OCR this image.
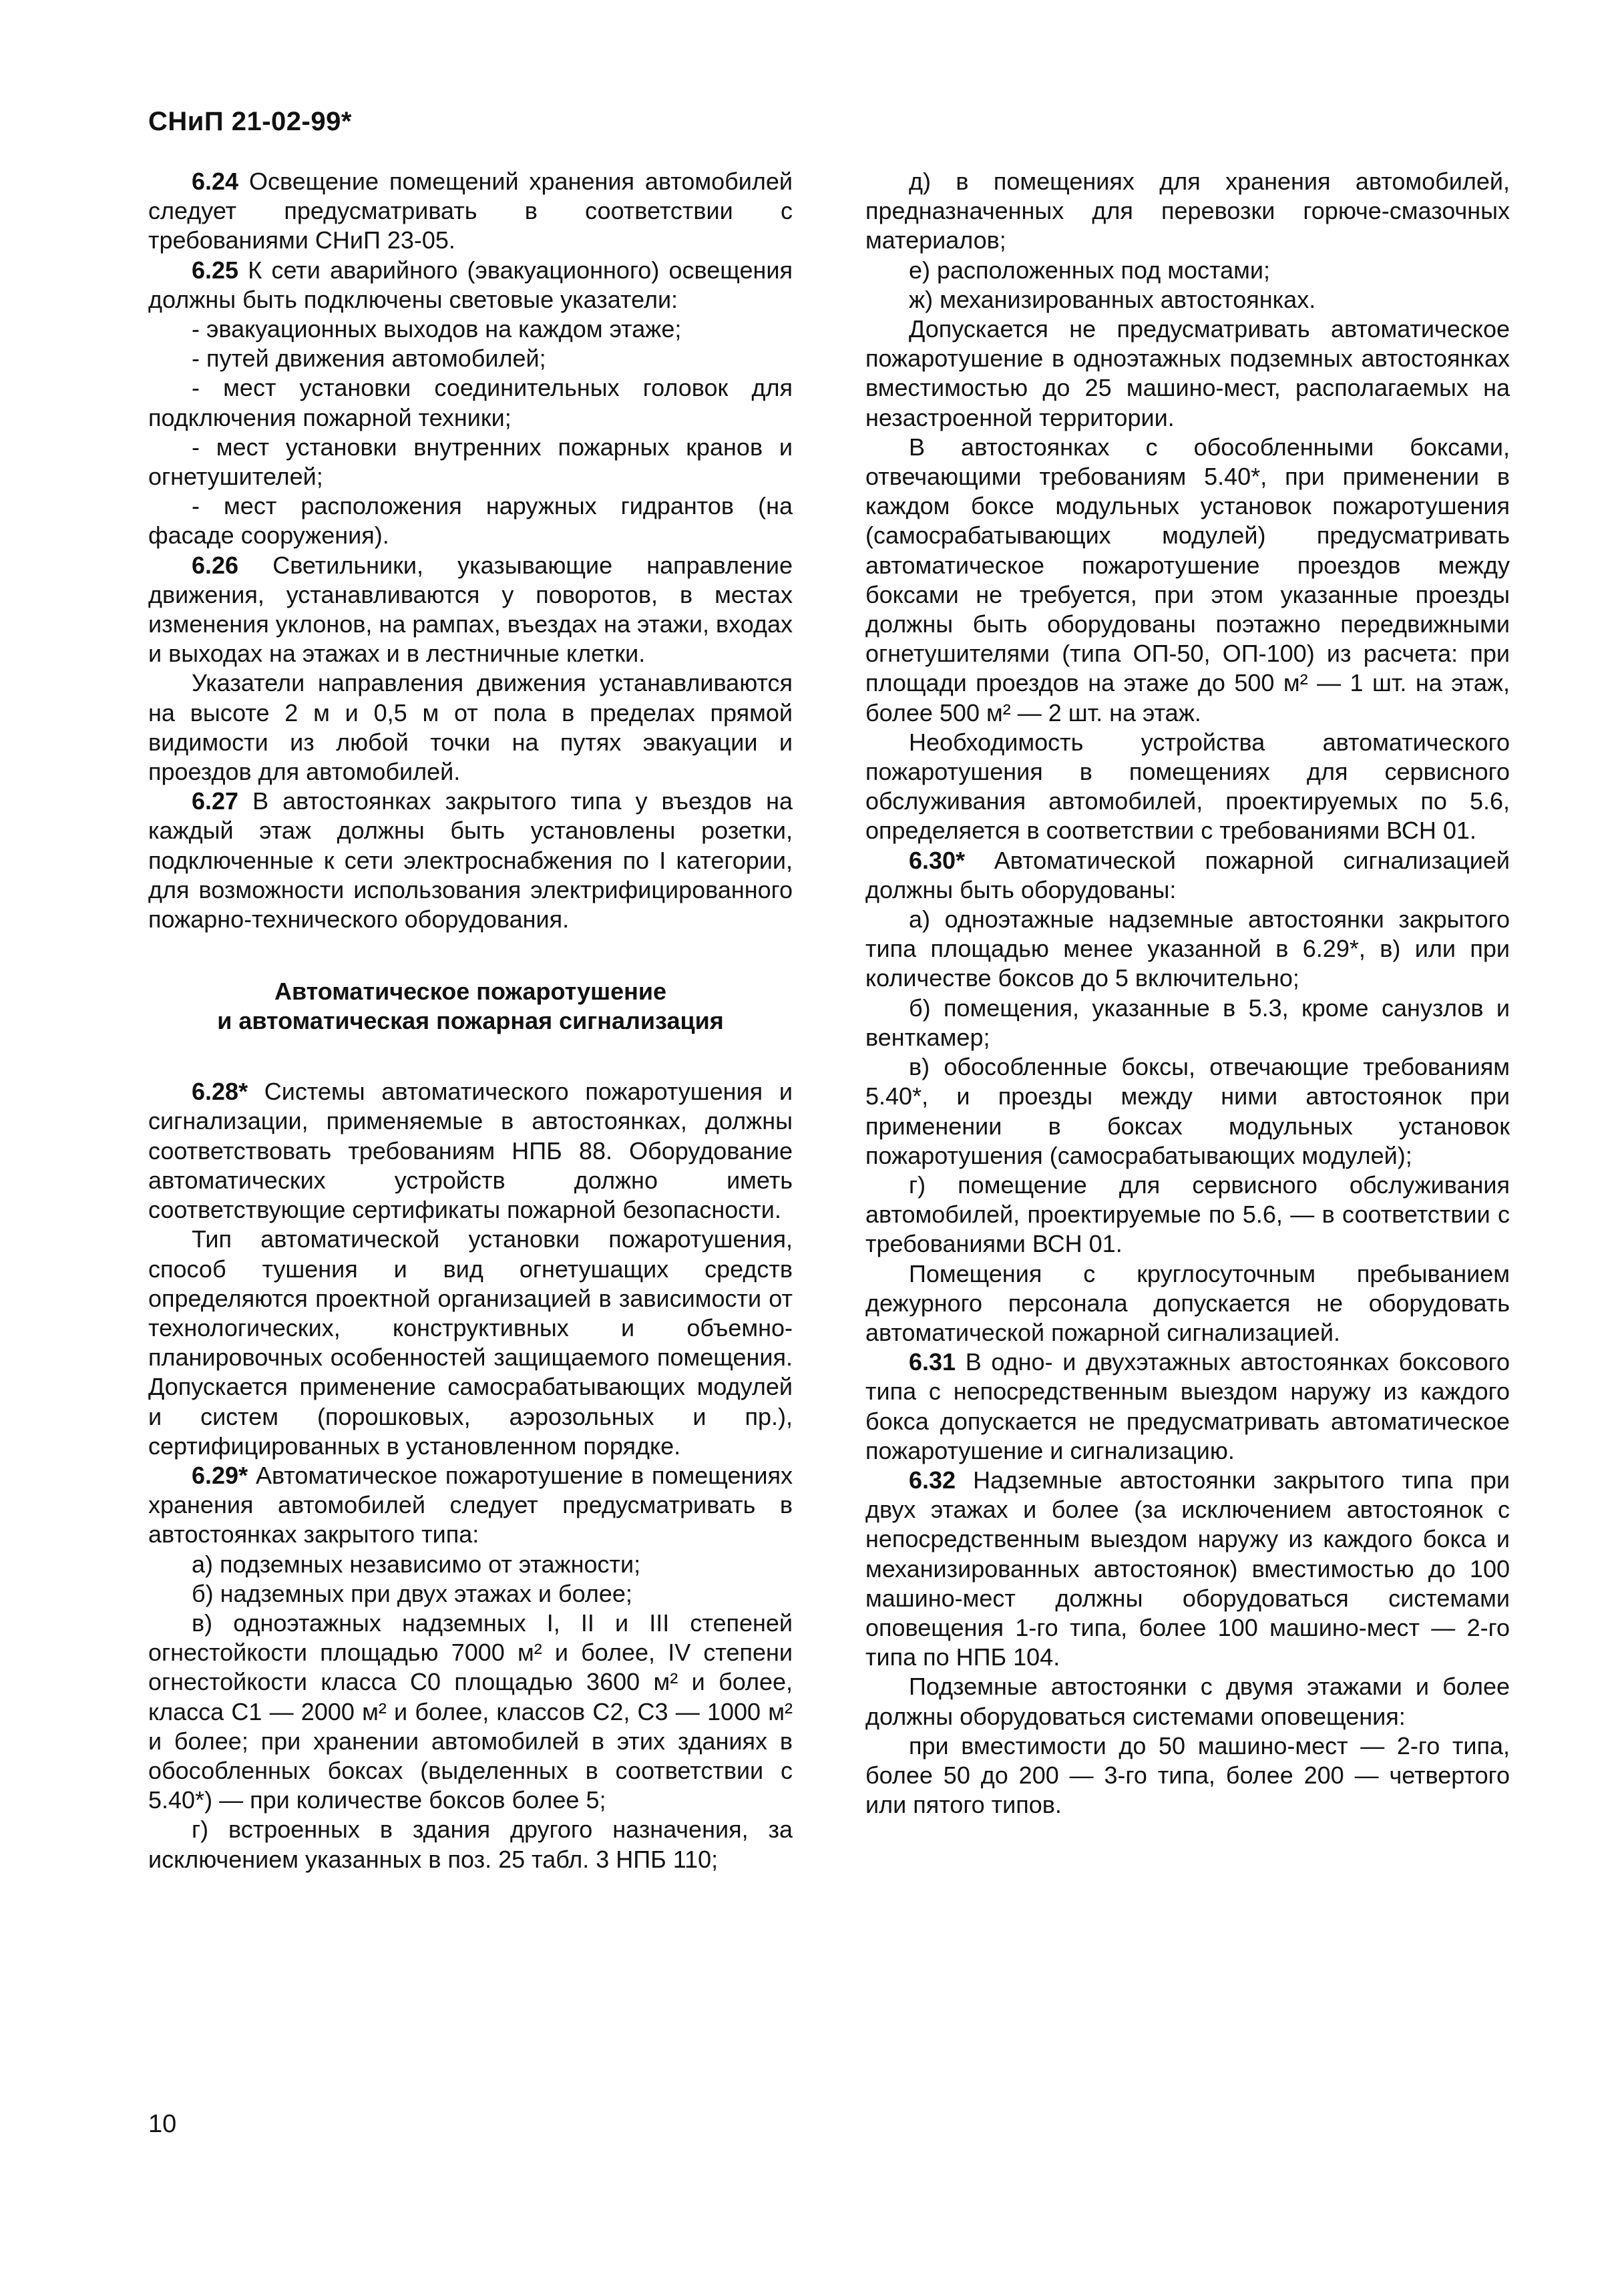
СНиП 21-02-99*

6.24 Освещение помещений хранения автомобилей следует предусматривать в соответствии с требованиями СНиП 23-05.

6.25 К сети аварийного (эвакуационного) освещения должны быть подключены световые указатели:

- эвакуационных выходов на каждом этаже;

- путей движения автомобилей;

- мест установки соединительных головок для подключения пожарной техники;

- мест установки внутренних пожарных кранов и огнетушителей;

- мест расположения наружных гидрантов (на фасаде сооружения).

6.26 Светильники, указывающие направление движения, устанавливаются у поворотов, в местах изменения уклонов, на рампах, въездах на этажи, входах и выходах на этажах и в лестничные клетки.

Указатели направления движения устанавливаются на высоте 2 м и 0,5 м от пола в пределах прямой видимости из любой точки на путях эвакуации и проездов для автомобилей.

6.27 В автостоянках закрытого типа у въездов на каждый этаж должны быть установлены розетки, подключенные к сети электроснабжения по I категории, для возможности использования электрифицированного пожарно-технического оборудования.

Автоматическое пожаротушение
и автоматическая пожарная сигнализация

6.28* Системы автоматического пожаротушения и сигнализации, применяемые в автостоянках, должны соответствовать требованиям НПБ 88. Оборудование автоматических устройств должно иметь соответствующие сертификаты пожарной безопасности.

Тип автоматической установки пожаротушения, способ тушения и вид огнетушащих средств определяются проектной организацией в зависимости от технологических, конструктивных и объемно-планировочных особенностей защищаемого помещения. Допускается применение самосрабатывающих модулей и систем (порошковых, аэрозольных и пр.), сертифицированных в установленном порядке.

6.29* Автоматическое пожаротушение в помещениях хранения автомобилей следует предусматривать в автостоянках закрытого типа:

а) подземных независимо от этажности;

б) надземных при двух этажах и более;

в) одноэтажных надземных I, II и III степеней огнестойкости площадью 7000 м² и более, IV степени огнестойкости класса С0 площадью 3600 м² и более, класса С1 — 2000 м² и более, классов С2, С3 — 1000 м² и более; при хранении автомобилей в этих зданиях в обособленных боксах (выделенных в соответствии с 5.40*) — при количестве боксов более 5;

г) встроенных в здания другого назначения, за исключением указанных в поз. 25 табл. 3 НПБ 110;

д) в помещениях для хранения автомобилей, предназначенных для перевозки горюче-смазочных материалов;

е) расположенных под мостами;

ж) механизированных автостоянках.

Допускается не предусматривать автоматическое пожаротушение в одноэтажных подземных автостоянках вместимостью до 25 машино-мест, располагаемых на незастроенной территории.

В автостоянках с обособленными боксами, отвечающими требованиям 5.40*, при применении в каждом боксе модульных установок пожаротушения (самосрабатывающих модулей) предусматривать автоматическое пожаротушение проездов между боксами не требуется, при этом указанные проезды должны быть оборудованы поэтажно передвижными огнетушителями (типа ОП-50, ОП-100) из расчета: при площади проездов на этаже до 500 м² — 1 шт. на этаж, более 500 м² — 2 шт. на этаж.

Необходимость устройства автоматического пожаротушения в помещениях для сервисного обслуживания автомобилей, проектируемых по 5.6, определяется в соответствии с требованиями ВСН 01.

6.30* Автоматической пожарной сигнализацией должны быть оборудованы:

а) одноэтажные надземные автостоянки закрытого типа площадью менее указанной в 6.29*, в) или при количестве боксов до 5 включительно;

б) помещения, указанные в 5.3, кроме санузлов и венткамер;

в) обособленные боксы, отвечающие требованиям 5.40*, и проезды между ними автостоянок при применении в боксах модульных установок пожаротушения (самосрабатывающих модулей);

г) помещение для сервисного обслуживания автомобилей, проектируемые по 5.6, — в соответствии с требованиями ВСН 01.

Помещения с круглосуточным пребыванием дежурного персонала допускается не оборудовать автоматической пожарной сигнализацией.

6.31 В одно- и двухэтажных автостоянках боксового типа с непосредственным выездом наружу из каждого бокса допускается не предусматривать автоматическое пожаротушение и сигнализацию.

6.32 Надземные автостоянки закрытого типа при двух этажах и более (за исключением автостоянок с непосредственным выездом наружу из каждого бокса и механизированных автостоянок) вместимостью до 100 машино-мест должны оборудоваться системами оповещения 1-го типа, более 100 машино-мест — 2-го типа по НПБ 104.

Подземные автостоянки с двумя этажами и более должны оборудоваться системами оповещения:

при вместимости до 50 машино-мест — 2-го типа, более 50 до 200 — 3-го типа, более 200 — четвертого или пятого типов.

10
